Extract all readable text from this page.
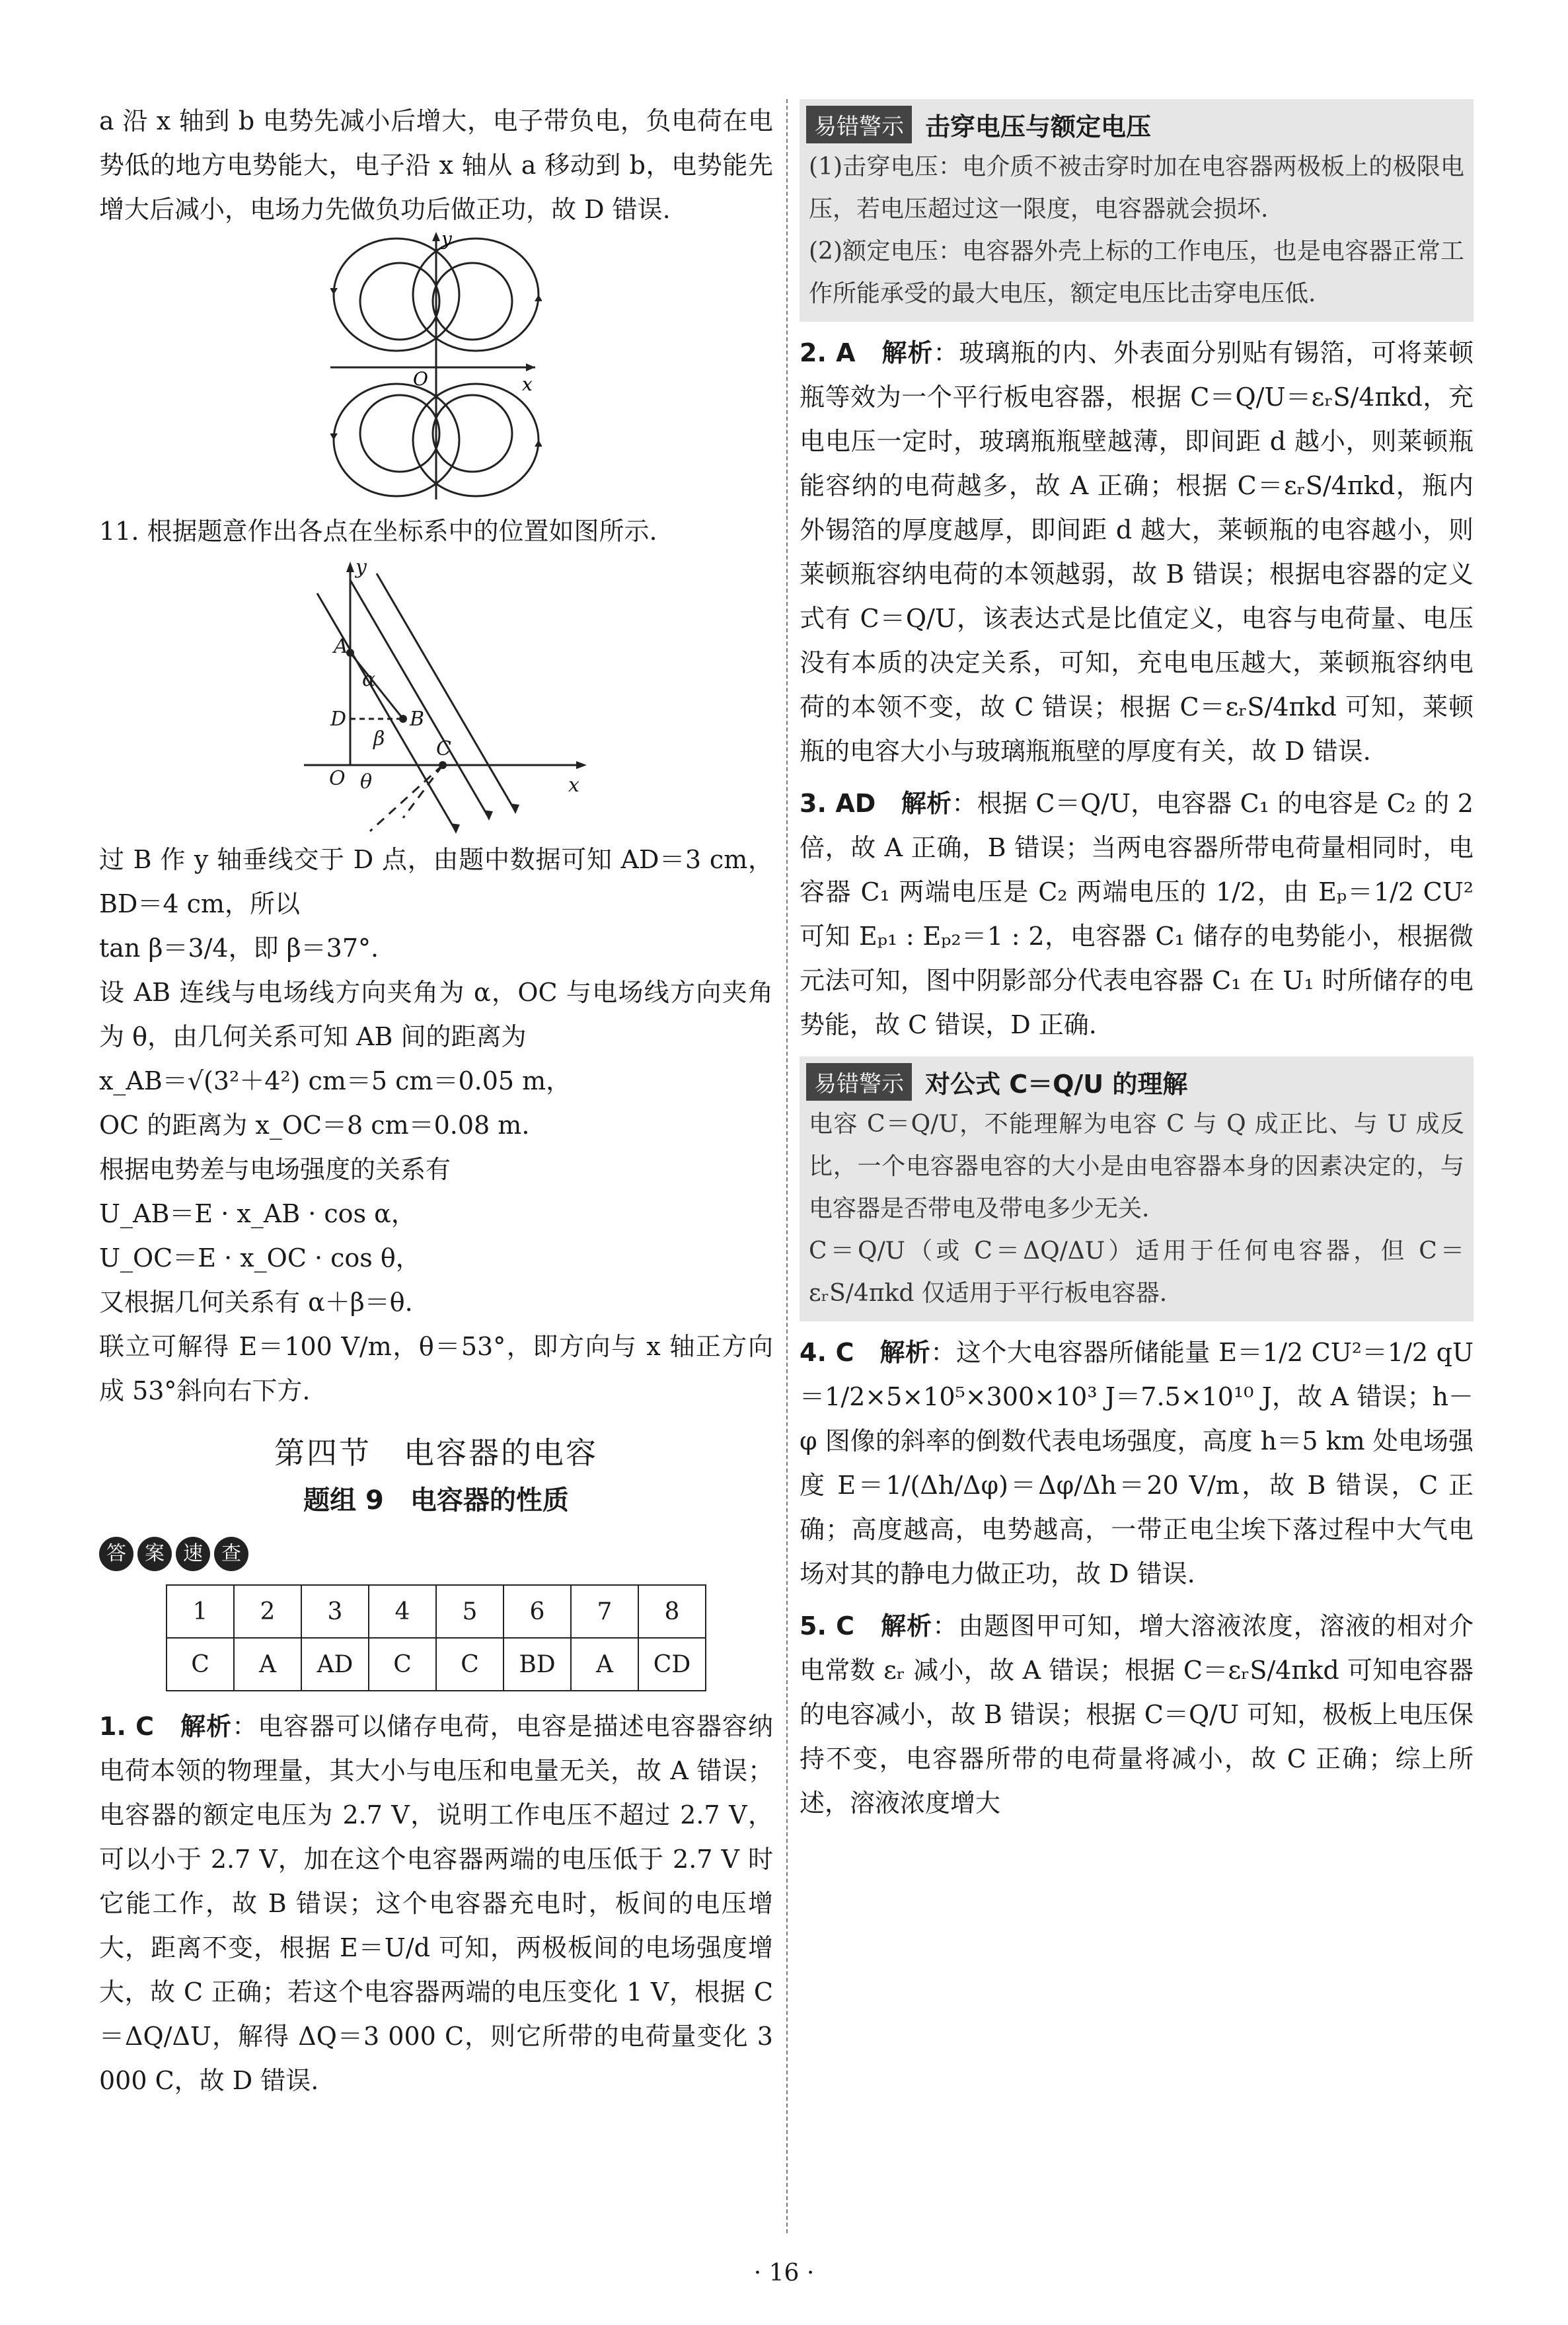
a 沿 x 轴到 b 电势先减小后增大，电子带负电，负电荷在电势低的地方电势能大，电子沿 x 轴从 a 移动到 b，电势能先增大后减小，电场力先做负功后做正功，故 D 错误.

y
x
O

11. 根据题意作出各点在坐标系中的位置如图所示.

y
x
A
B
C
D
O
α
β
θ

过 B 作 y 轴垂线交于 D 点，由题中数据可知 AD＝3 cm，BD＝4 cm，所以

tan β＝3/4，即 β＝37°.

设 AB 连线与电场线方向夹角为 α，OC 与电场线方向夹角为 θ，由几何关系可知 AB 间的距离为

x_AB＝√(3²＋4²) cm＝5 cm＝0.05 m，

OC 的距离为 x_OC＝8 cm＝0.08 m.

根据电势差与电场强度的关系有

U_AB＝E · x_AB · cos α，

U_OC＝E · x_OC · cos θ，

又根据几何关系有 α＋β＝θ.

联立可解得 E＝100 V/m，θ＝53°，即方向与 x 轴正方向成 53°斜向右下方.

第四节　电容器的电容
题组 9　电容器的性质
答 案 速 查
1	2	3	4	5	6	7	8
C	A	AD	C	C	BD	A	CD

1. C　 解析：电容器可以储存电荷，电容是描述电容器容纳电荷本领的物理量，其大小与电压和电量无关，故 A 错误；电容器的额定电压为 2.7 V，说明工作电压不超过 2.7 V，可以小于 2.7 V，加在这个电容器两端的电压低于 2.7 V 时它能工作，故 B 错误；这个电容器充电时，板间的电压增大，距离不变，根据 E＝U/d 可知，两极板间的电场强度增大，故 C 正确；若这个电容器两端的电压变化 1 V，根据 C＝ΔQ/ΔU，解得 ΔQ＝3 000 C，则它所带的电荷量变化 3 000 C，故 D 错误.

易错警示 击穿电压与额定电压

(1)击穿电压：电介质不被击穿时加在电容器两极板上的极限电压，若电压超过这一限度，电容器就会损坏.

(2)额定电压：电容器外壳上标的工作电压，也是电容器正常工作所能承受的最大电压，额定电压比击穿电压低.

2. A　 解析：玻璃瓶的内、外表面分别贴有锡箔，可将莱顿瓶等效为一个平行板电容器，根据 C＝Q/U＝εᵣS/4πkd，充电电压一定时，玻璃瓶瓶壁越薄，即间距 d 越小，则莱顿瓶能容纳的电荷越多，故 A 正确；根据 C＝εᵣS/4πkd，瓶内外锡箔的厚度越厚，即间距 d 越大，莱顿瓶的电容越小，则莱顿瓶容纳电荷的本领越弱，故 B 错误；根据电容器的定义式有 C＝Q/U，该表达式是比值定义，电容与电荷量、电压没有本质的决定关系，可知，充电电压越大，莱顿瓶容纳电荷的本领不变，故 C 错误；根据 C＝εᵣS/4πkd 可知，莱顿瓶的电容大小与玻璃瓶瓶壁的厚度有关，故 D 错误.

3. AD　 解析：根据 C＝Q/U，电容器 C₁ 的电容是 C₂ 的 2 倍，故 A 正确，B 错误；当两电容器所带电荷量相同时，电容器 C₁ 两端电压是 C₂ 两端电压的 1/2，由 Eₚ＝1/2 CU² 可知 Eₚ₁ : Eₚ₂＝1 : 2，电容器 C₁ 储存的电势能小，根据微元法可知，图中阴影部分代表电容器 C₁ 在 U₁ 时所储存的电势能，故 C 错误，D 正确.

易错警示 对公式 C＝Q/U 的理解

电容 C＝Q/U，不能理解为电容 C 与 Q 成正比、与 U 成反比，一个电容器电容的大小是由电容器本身的因素决定的，与电容器是否带电及带电多少无关.

C＝Q/U（或 C＝ΔQ/ΔU）适用于任何电容器，但 C＝εᵣS/4πkd 仅适用于平行板电容器.

4. C　 解析：这个大电容器所储能量 E＝1/2 CU²＝1/2 qU＝1/2×5×10⁵×300×10³ J＝7.5×10¹⁰ J，故 A 错误；h－φ 图像的斜率的倒数代表电场强度，高度 h＝5 km 处电场强度 E＝1/(Δh/Δφ)＝Δφ/Δh＝20 V/m，故 B 错误，C 正确；高度越高，电势越高，一带正电尘埃下落过程中大气电场对其的静电力做正功，故 D 错误.

5. C　 解析：由题图甲可知，增大溶液浓度，溶液的相对介电常数 εᵣ 减小，故 A 错误；根据 C＝εᵣS/4πkd 可知电容器的电容减小，故 B 错误；根据 C＝Q/U 可知，极板上电压保持不变，电容器所带的电荷量将减小，故 C 正确；综上所述，溶液浓度增大

· 16 ·
